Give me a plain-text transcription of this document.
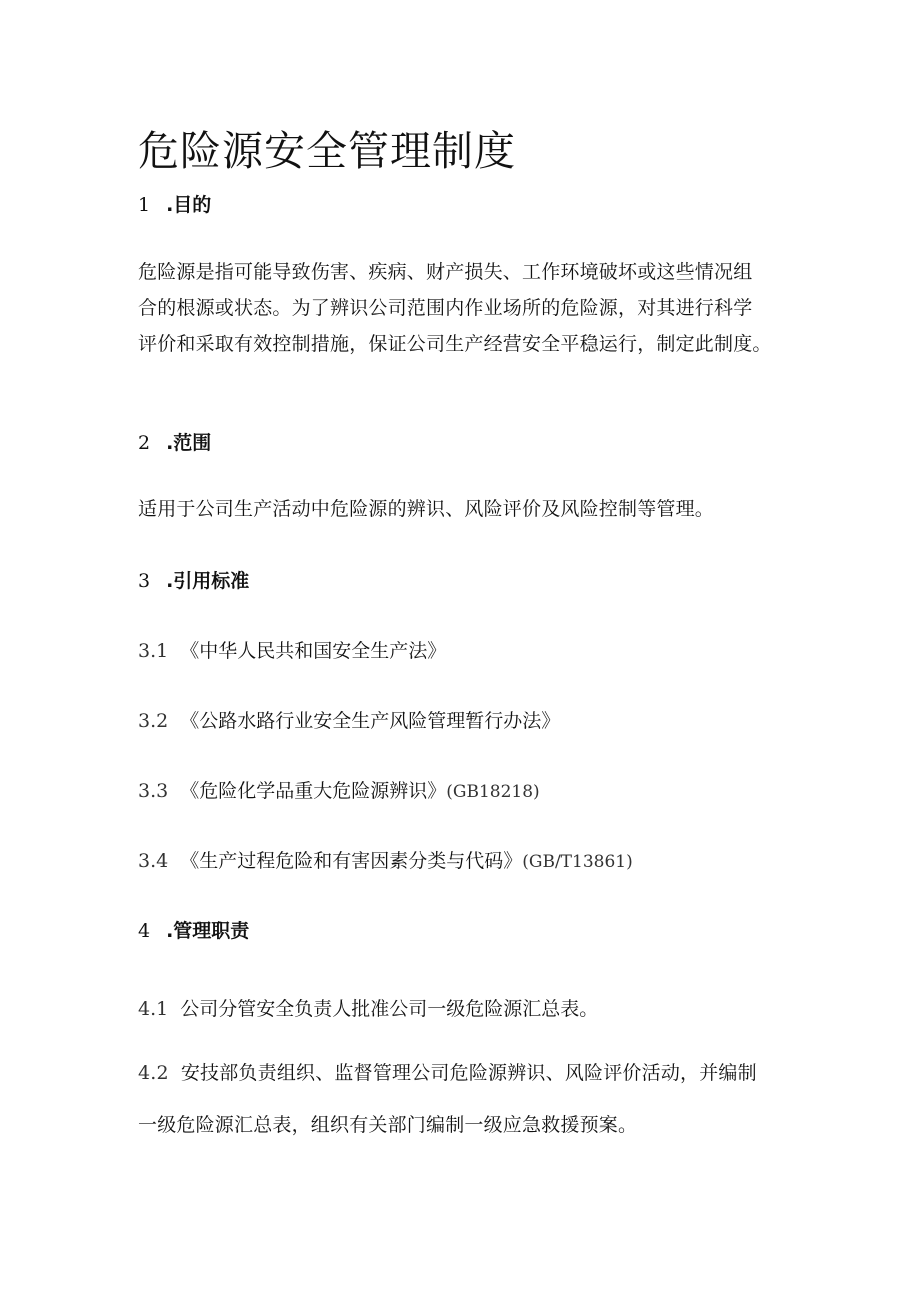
危险源安全管理制度
1 .目的
危险源是指可能导致伤害、疾病、财产损失、工作环境破坏或这些情况组
合的根源或状态。为了辨识公司范围内作业场所的危险源，对其进行科学
评价和采取有效控制措施，保证公司生产经营安全平稳运行，制定此制度。
2 .范围
适用于公司生产活动中危险源的辨识、风险评价及风险控制等管理。
3 .引用标准
3.1 《中华人民共和国安全生产法》
3.2 《公路水路行业安全生产风险管理暂行办法》
3.3 《危险化学品重大危险源辨识》(GB18218)
3.4 《生产过程危险和有害因素分类与代码》(GB/T13861)
4 .管理职责
4.1 公司分管安全负责人批准公司一级危险源汇总表。
4.2 安技部负责组织、监督管理公司危险源辨识、风险评价活动，并编制
一级危险源汇总表，组织有关部门编制一级应急救援预案。
